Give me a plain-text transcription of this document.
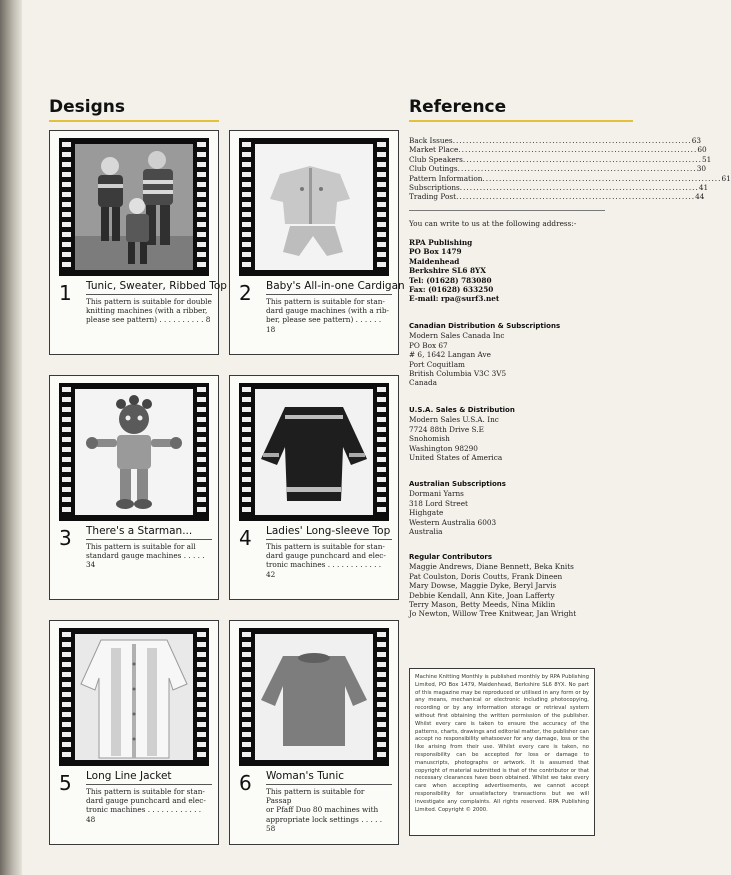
Designs	Reference
1	Tunic, Sweater, Ribbed Top
This pattern is suitable for double
knitting machines (with a ribber,
please see pattern) . . . . . . . . . . 8
2	Baby's All-in-one Cardigan
This pattern is suitable for stan-
dard gauge machines (with a rib-
ber, please see pattern) . . . . . . 18
3	There's a Starman...
This pattern is suitable for all
standard gauge machines . . . . . 34
4	Ladies' Long-sleeve Top
This pattern is suitable for stan-
dard gauge punchcard and elec-
tronic machines . . . . . . . . . . . . 42
5	Long Line Jacket
This pattern is suitable for stan-
dard gauge punchcard and elec-
tronic machines . . . . . . . . . . . . 48
6	Woman's Tunic
This pattern is suitable for Passap
or Pfaff Duo 80 machines with
appropriate lock settings . . . . . 58
Back Issues .....	63
Market Place .....	60
Club Speakers .....	51
Club Outings .....	30
Pattern Information .....	61
Subscriptions .....	41
Trading Post .....	44
You can write to us at the following address:-
RPA Publishing
PO Box 1479
Maidenhead
Berkshire SL6 8YX
Tel: (01628) 783080
Fax: (01628) 633250
E-mail: rpa@surf3.net
Canadian Distribution & Subscriptions
Modern Sales Canada Inc
PO Box 67
# 6, 1642 Langan Ave
Port Coquitlam
British Columbia V3C 3V5
Canada
U.S.A. Sales & Distribution
Modern Sales U.S.A. Inc
7724 88th Drive S.E
Snohomish
Washington 98290
United States of America
Australian Subscriptions
Dormani Yarns
318 Lord Street
Highgate
Western Australia 6003
Australia
Regular Contributors
Maggie Andrews, Diane Bennett, Beka Knits
Pat Coulston, Doris Coutts, Frank Dineen
Mary Dowse, Maggie Dyke, Beryl Jarvis
Debbie Kendall, Ann Kite, Joan Lafferty
Terry Mason, Betty Meeds, Nina Miklin
Jo Newton, Willow Tree Knitwear, Jan Wright
Machine Knitting Monthly is published monthly by RPA Publishing Limited, PO Box 1479, Maidenhead, Berkshire SL6 8YX. No part of this magazine may be reproduced or utilised in any form or by any means, mechanical or electronic including photocopying, recording or by any information storage or retrieval system without first obtaining the written permission of the publisher. Whilst every care is taken to ensure the accuracy of the patterns, charts, drawings and editorial matter, the publisher can accept no responsibility whatsoever for any damage, loss or the like arising from their use. Whilst every care is taken, no responsibility can be accepted for loss or damage to manuscripts, photographs or artwork. It is assumed that copyright of material submitted is that of the contributor or that necessary clearances have been obtained. Whilst we take every care when accepting advertisements, we cannot accept responsibility for unsatisfactory transactions but we will investigate any complaints. All rights reserved. RPA Publishing Limited. Copyright © 2000.
